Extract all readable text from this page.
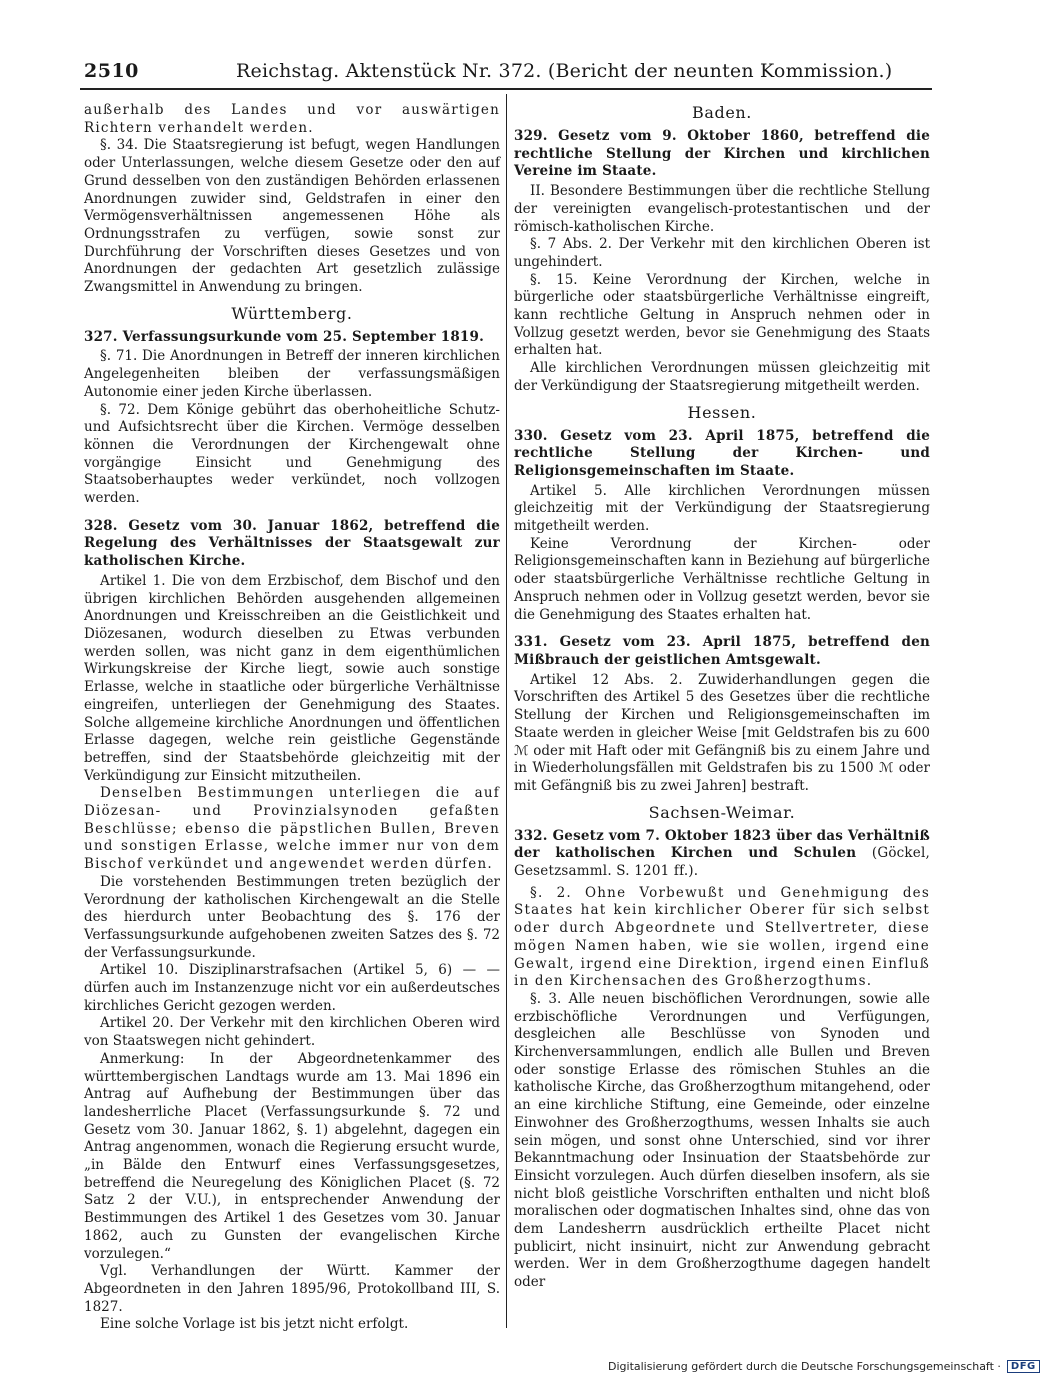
2510	Reichstag. Aktenstück Nr. 372. (Bericht der neunten Kommission.)

außerhalb des Landes und vor auswärtigen Richtern verhandelt werden.

§. 34. Die Staatsregierung ist befugt, wegen Handlungen oder Unterlassungen, welche diesem Gesetze oder den auf Grund desselben von den zuständigen Behörden erlassenen Anordnungen zuwider sind, Geldstrafen in einer den Vermögensverhältnissen angemessenen Höhe als Ordnungsstrafen zu verfügen, sowie sonst zur Durchführung der Vorschriften dieses Gesetzes und von Anordnungen der gedachten Art gesetzlich zulässige Zwangsmittel in Anwendung zu bringen.

Württemberg.

327. Verfassungsurkunde vom 25. September 1819.

§. 71. Die Anordnungen in Betreff der inneren kirchlichen Angelegenheiten bleiben der verfassungsmäßigen Autonomie einer jeden Kirche überlassen.

§. 72. Dem Könige gebührt das oberhoheitliche Schutz- und Aufsichtsrecht über die Kirchen. Vermöge desselben können die Verordnungen der Kirchengewalt ohne vorgängige Einsicht und Genehmigung des Staatsoberhauptes weder verkündet, noch vollzogen werden.

328. Gesetz vom 30. Januar 1862, betreffend die Regelung des Verhältnisses der Staatsgewalt zur katholischen Kirche.

Artikel 1. Die von dem Erzbischof, dem Bischof und den übrigen kirchlichen Behörden ausgehenden allgemeinen Anordnungen und Kreisschreiben an die Geistlichkeit und Diözesanen, wodurch dieselben zu Etwas verbunden werden sollen, was nicht ganz in dem eigenthümlichen Wirkungskreise der Kirche liegt, sowie auch sonstige Erlasse, welche in staatliche oder bürgerliche Verhältnisse eingreifen, unterliegen der Genehmigung des Staates. Solche allgemeine kirchliche Anordnungen und öffentlichen Erlasse dagegen, welche rein geistliche Gegenstände betreffen, sind der Staatsbehörde gleichzeitig mit der Verkündigung zur Einsicht mitzutheilen.

Denselben Bestimmungen unterliegen die auf Diözesan- und Provinzialsynoden gefaßten Beschlüsse; ebenso die päpstlichen Bullen, Breven und sonstigen Erlasse, welche immer nur von dem Bischof verkündet und angewendet werden dürfen.

Die vorstehenden Bestimmungen treten bezüglich der Verordnung der katholischen Kirchengewalt an die Stelle des hierdurch unter Beobachtung des §. 176 der Verfassungsurkunde aufgehobenen zweiten Satzes des §. 72 der Verfassungsurkunde.

Artikel 10. Disziplinarstrafsachen (Artikel 5, 6) — — dürfen auch im Instanzenzuge nicht vor ein außerdeutsches kirchliches Gericht gezogen werden.

Artikel 20. Der Verkehr mit den kirchlichen Oberen wird von Staatswegen nicht gehindert.

Anmerkung: In der Abgeordnetenkammer des württembergischen Landtags wurde am 13. Mai 1896 ein Antrag auf Aufhebung der Bestimmungen über das landesherrliche Placet (Verfassungsurkunde §. 72 und Gesetz vom 30. Januar 1862, §. 1) abgelehnt, dagegen ein Antrag angenommen, wonach die Regierung ersucht wurde, „in Bälde den Entwurf eines Verfassungsgesetzes, betreffend die Neuregelung des Königlichen Placet (§. 72 Satz 2 der V.U.), in entsprechender Anwendung der Bestimmungen des Artikel 1 des Gesetzes vom 30. Januar 1862, auch zu Gunsten der evangelischen Kirche vorzulegen.“

Vgl. Verhandlungen der Württ. Kammer der Abgeordneten in den Jahren 1895/96, Protokollband III, S. 1827.

Eine solche Vorlage ist bis jetzt nicht erfolgt.

Baden.

329. Gesetz vom 9. Oktober 1860, betreffend die rechtliche Stellung der Kirchen und kirchlichen Vereine im Staate.

II. Besondere Bestimmungen über die rechtliche Stellung der vereinigten evangelisch-protestantischen und der römisch-katholischen Kirche.

§. 7 Abs. 2. Der Verkehr mit den kirchlichen Oberen ist ungehindert.

§. 15. Keine Verordnung der Kirchen, welche in bürgerliche oder staatsbürgerliche Verhältnisse eingreift, kann rechtliche Geltung in Anspruch nehmen oder in Vollzug gesetzt werden, bevor sie Genehmigung des Staats erhalten hat.

Alle kirchlichen Verordnungen müssen gleichzeitig mit der Verkündigung der Staatsregierung mitgetheilt werden.

Hessen.

330. Gesetz vom 23. April 1875, betreffend die rechtliche Stellung der Kirchen- und Religionsgemeinschaften im Staate.

Artikel 5. Alle kirchlichen Verordnungen müssen gleichzeitig mit der Verkündigung der Staatsregierung mitgetheilt werden.

Keine Verordnung der Kirchen- oder Religionsgemeinschaften kann in Beziehung auf bürgerliche oder staatsbürgerliche Verhältnisse rechtliche Geltung in Anspruch nehmen oder in Vollzug gesetzt werden, bevor sie die Genehmigung des Staates erhalten hat.

331. Gesetz vom 23. April 1875, betreffend den Mißbrauch der geistlichen Amtsgewalt.

Artikel 12 Abs. 2. Zuwiderhandlungen gegen die Vorschriften des Artikel 5 des Gesetzes über die rechtliche Stellung der Kirchen und Religionsgemeinschaften im Staate werden in gleicher Weise [mit Geldstrafen bis zu 600 ℳ oder mit Haft oder mit Gefängniß bis zu einem Jahre und in Wiederholungsfällen mit Geldstrafen bis zu 1500 ℳ oder mit Gefängniß bis zu zwei Jahren] bestraft.

Sachsen-Weimar.

332. Gesetz vom 7. Oktober 1823 über das Verhältniß der katholischen Kirchen und Schulen (Göckel, Gesetzsamml. S. 1201 ff.).

§. 2. Ohne Vorbewußt und Genehmigung des Staates hat kein kirchlicher Oberer für sich selbst oder durch Abgeordnete und Stellvertreter, diese mögen Namen haben, wie sie wollen, irgend eine Gewalt, irgend eine Direktion, irgend einen Einfluß in den Kirchensachen des Großherzogthums.

§. 3. Alle neuen bischöflichen Verordnungen, sowie alle erzbischöfliche Verordnungen und Verfügungen, desgleichen alle Beschlüsse von Synoden und Kirchenversammlungen, endlich alle Bullen und Breven oder sonstige Erlasse des römischen Stuhles an die katholische Kirche, das Großherzogthum mitangehend, oder an eine kirchliche Stiftung, eine Gemeinde, oder einzelne Einwohner des Großherzogthums, wessen Inhalts sie auch sein mögen, und sonst ohne Unterschied, sind vor ihrer Bekanntmachung oder Insinuation der Staatsbehörde zur Einsicht vorzulegen. Auch dürfen dieselben insofern, als sie nicht bloß geistliche Vorschriften enthalten und nicht bloß moralischen oder dogmatischen Inhaltes sind, ohne das von dem Landesherrn ausdrücklich ertheilte Placet nicht publicirt, nicht insinuirt, nicht zur Anwendung gebracht werden. Wer in dem Großherzogthume dagegen handelt oder

Digitalisierung gefördert durch die Deutsche Forschungsgemeinschaft ·	DFG
